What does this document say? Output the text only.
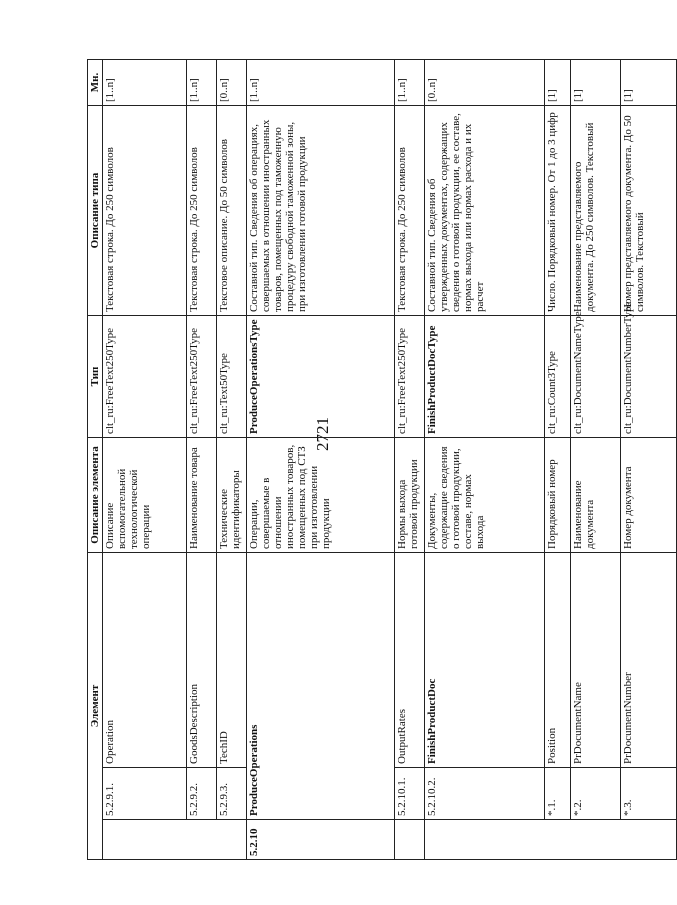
2721
Элемент			Описание элемента	Тип	Описание типа	Мн.
	5.2.9.1.	Operation	Описание вспомогательной технологической операции	clt_ru:FreeText250Type	Текстовая строка. До 250 символов	[1..n]
	5.2.9.2.	GoodsDescription	Наименование товара	clt_ru:FreeText250Type	Текстовая строка. До 250 символов	[1..n]
	5.2.9.3.	TechID	Технические идентификаторы	clt_ru:Text50Type	Текстовое описание. До 50 символов	[0..n]
5.2.10	ProduceOperations		Операции, совершаемые в отношении иностранных товаров, помещенных под СТЗ при изготовлении продукции	ProduceOperationsType	Составной тип. Сведения об операциях, совершаемых в отношении иностранных товаров, помещенных под таможенную процедуру свободной таможенной зоны, при изготовлении готовой продукции	[1..n]
	5.2.10.1.	OutputRates	Нормы выхода готовой продукции	clt_ru:FreeText250Type	Текстовая строка. До 250 символов	[1..n]
	5.2.10.2.	FinishProductDoc	Документы, содержащие сведения о готовой продукции, составе, нормах выхода	FinishProductDocType	Составной тип. Сведения об утвержденных документах, содержащих сведения о готовой продукции, ее составе, нормах выхода или нормах расхода и их расчет	[0..n]
	*.1.	Position	Порядковый номер	clt_ru:Count3Type	Число. Порядковый номер. От 1 до 3 цифр	[1]
	*.2.	PrDocumentName	Наименование документа	clt_ru:DocumentNameType	Наименование представляемого документа. До 250 символов. Текстовый	[1]
	*.3.	PrDocumentNumber	Номер документа	clt_ru:DocumentNumberType	Номер представляемого документа. До 50 символов. Текстовый	[1]
